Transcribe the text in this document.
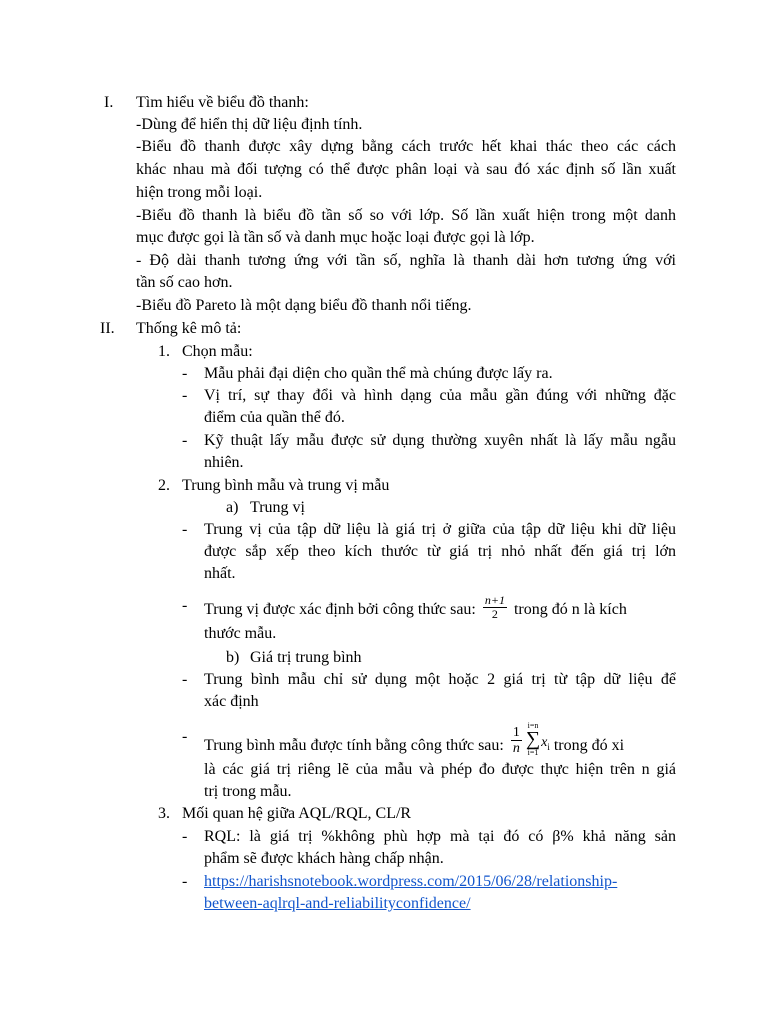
I. Tìm hiểu về biểu đồ thanh:
-Dùng để hiển thị dữ liệu định tính.
-Biểu đồ thanh được xây dựng bằng cách trước hết khai thác theo các cách
khác nhau mà đối tượng có thể được phân loại và sau đó xác định số lần xuất
hiện trong mỗi loại.
-Biểu đồ thanh là biểu đồ tần số so với lớp. Số lần xuất hiện trong một danh
mục được gọi là tần số và danh mục hoặc loại được gọi là lớp.
- Độ dài thanh tương ứng với tần số, nghĩa là thanh dài hơn tương ứng với
tần số cao hơn.
-Biểu đồ Pareto là một dạng biểu đồ thanh nổi tiếng.
II. Thống kê mô tả:
1. Chọn mẫu:
- Mẫu phải đại diện cho quần thể mà chúng được lấy ra.
- Vị trí, sự thay đổi và hình dạng của mẫu gần đúng với những đặc
điểm của quần thể đó.
- Kỹ thuật lấy mẫu được sử dụng thường xuyên nhất là lấy mẫu ngẫu
nhiên.
2. Trung bình mẫu và trung vị mẫu
a) Trung vị
- Trung vị của tập dữ liệu là giá trị ở giữa của tập dữ liệu khi dữ liệu
được sắp xếp theo kích thước từ giá trị nhỏ nhất đến giá trị lớn
nhất.
- Trung vị được xác định bởi công thức sau: $\frac{n+1}{2}$ trong đó n là kích
thước mẫu.
b) Giá trị trung bình
- Trung bình mẫu chỉ sử dụng một hoặc 2 giá trị từ tập dữ liệu để
xác định
-
Trung bình mẫu được tính bằng công thức sau: $\frac{1}{n} i=n$
∑
$i=1x_i$ trong đó xi
là các giá trị riêng lẽ của mẫu và phép đo được thực hiện trên n giá
trị trong mẫu.
3. Mối quan hệ giữa AQL/RQL, CL/R
- RQL: là giá trị %không phù hợp mà tại đó có β% khả năng sản
phẩm sẽ được khách hàng chấp nhận.
- https://harishsnotebook.wordpress.com/2015/06/28/relationship-
between-aqlrql-and-reliabilityconfidence/
